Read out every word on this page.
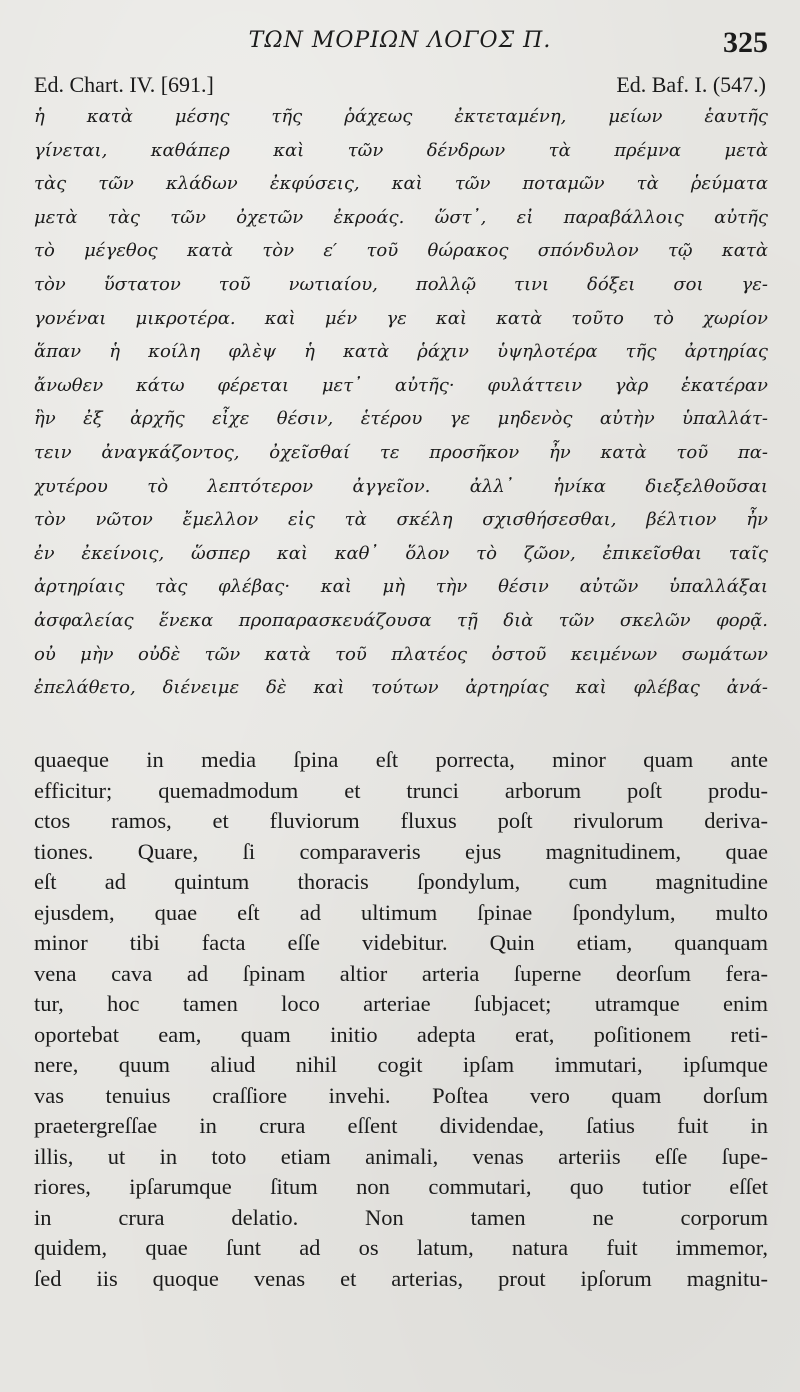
ΤΩΝ ΜΟΡΙΩΝ ΛΟΓΟΣ Π.	325
Ed. Chart. IV. [691.]	Ed. Baf. I. (547.)
ἡ κατὰ μέσης τῆς ῥάχεως ἐκτεταμένη, μείων ἑαυτῆς
γίνεται, καθάπερ καὶ τῶν δένδρων τὰ πρέμνα μετὰ
τὰς τῶν κλάδων ἐκφύσεις, καὶ τῶν ποταμῶν τὰ ῥεύματα
μετὰ τὰς τῶν ὀχετῶν ἐκροάς. ὥστ᾽, εἰ παραβάλλοις αὐτῆς
τὸ μέγεθος κατὰ τὸν ε′ τοῦ θώρακος σπόνδυλον τῷ κατὰ
τὸν ὕστατον τοῦ νωτιαίου, πολλῷ τινι δόξει σοι γε-
γονέναι μικροτέρα. καὶ μέν γε καὶ κατὰ τοῦτο τὸ χωρίον
ἅπαν ἡ κοίλη φλὲψ ἡ κατὰ ῥάχιν ὑψηλοτέρα τῆς ἀρτηρίας
ἄνωθεν κάτω φέρεται μετ᾽ αὐτῆς· φυλάττειν γὰρ ἑκατέραν
ἣν ἐξ ἀρχῆς εἶχε θέσιν, ἑτέρου γε μηδενὸς αὐτὴν ὑπαλλάτ-
τειν ἀναγκάζοντος, ὀχεῖσθαί τε προσῆκον ἦν κατὰ τοῦ πα-
χυτέρου τὸ λεπτότερον ἀγγεῖον. ἀλλ᾽ ἡνίκα διεξελθοῦσαι
τὸν νῶτον ἔμελλον εἰς τὰ σκέλη σχισθήσεσθαι, βέλτιον ἦν
ἐν ἐκείνοις, ὥσπερ καὶ καθ᾽ ὅλον τὸ ζῶον, ἐπικεῖσθαι ταῖς
ἀρτηρίαις τὰς φλέβας· καὶ μὴ τὴν θέσιν αὐτῶν ὑπαλλάξαι
ἀσφαλείας ἕνεκα προπαρασκευάζουσα τῇ διὰ τῶν σκελῶν φορᾷ.
οὐ μὴν οὐδὲ τῶν κατὰ τοῦ πλατέος ὀστοῦ κειμένων σωμάτων
ἐπελάθετο, διένειμε δὲ καὶ τούτων ἀρτηρίας καὶ φλέβας ἀνά-
quaeque in media ſpina eſt porrecta, minor quam ante
efficitur; quemadmodum et trunci arborum poſt produ-
ctos ramos, et fluviorum fluxus poſt rivulorum deriva-
tiones. Quare, ſi comparaveris ejus magnitudinem, quae
eſt ad quintum thoracis ſpondylum, cum magnitudine
ejusdem, quae eſt ad ultimum ſpinae ſpondylum, multo
minor tibi facta eſſe videbitur. Quin etiam, quanquam
vena cava ad ſpinam altior arteria ſuperne deorſum fera-
tur, hoc tamen loco arteriae ſubjacet; utramque enim
oportebat eam, quam initio adepta erat, poſitionem reti-
nere, quum aliud nihil cogit ipſam immutari, ipſumque
vas tenuius craſſiore invehi. Poſtea vero quam dorſum
praetergreſſae in crura eſſent dividendae, ſatius fuit in
illis, ut in toto etiam animali, venas arteriis eſſe ſupe-
riores, ipſarumque ſitum non commutari, quo tutior eſſet
in crura delatio. Non tamen ne corporum
quidem, quae ſunt ad os latum, natura fuit immemor,
ſed iis quoque venas et arterias, prout ipſorum magnitu-
